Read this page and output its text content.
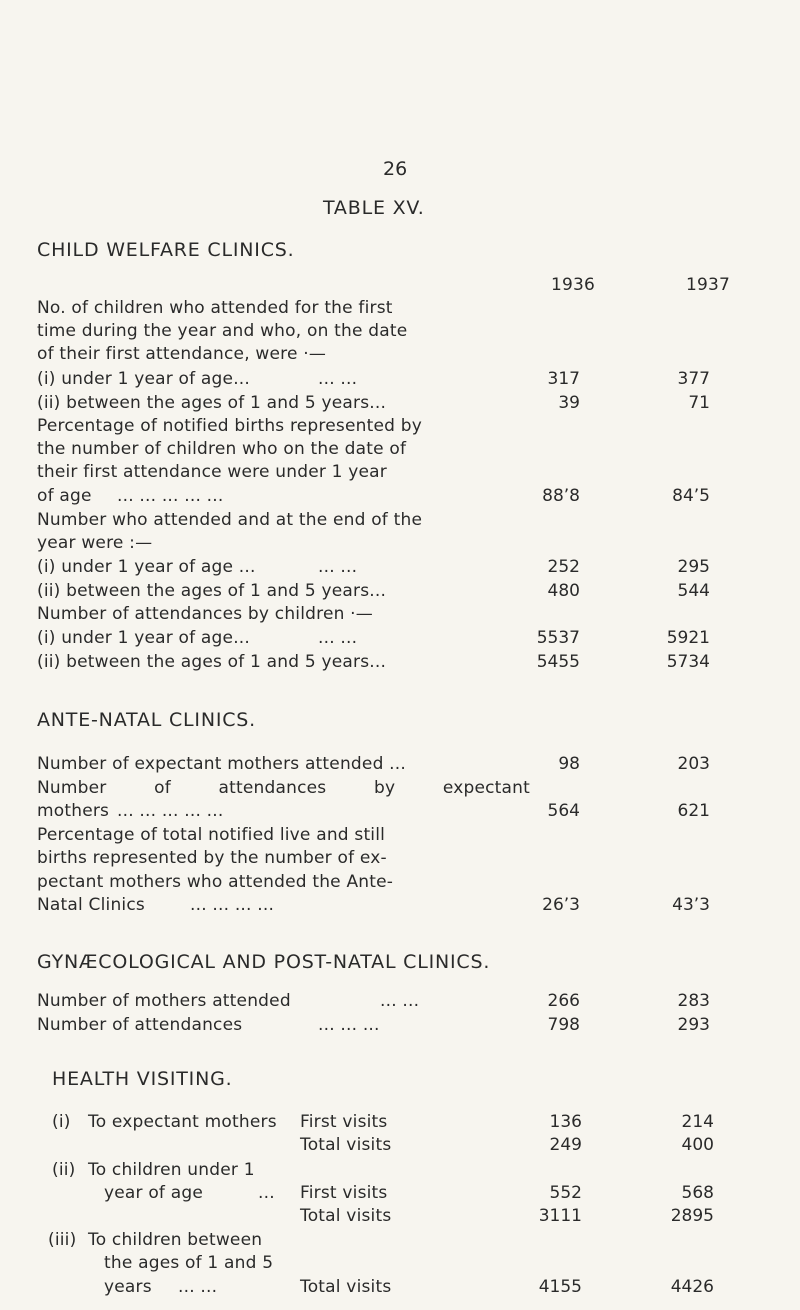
26
TABLE XV.
CHILD WELFARE CLINICS.
1936	1937
No. of children who attended for the first
time during the year and who, on the date
of their first attendance, were ·—
(i) under 1 year of age...	... ...	317	377
(ii) between the ages of 1 and 5 years...	39	71
Percentage of notified births represented by
the number of children who on the date of
their first attendance were under 1 year
of age ... ... ... ... ...	88’8	84’5
Number who attended and at the end of the
year were :—
(i) under 1 year of age ...	... ...	252	295
(ii) between the ages of 1 and 5 years...	480	544
Number of attendances by children ·—
(i) under 1 year of age...	... ...	5537	5921
(ii) between the ages of 1 and 5 years...	5455	5734
ANTE-NATAL CLINICS.
Number of expectant mothers attended ...	98	203
Number	of	attendances	by	expectant
mothers ... ... ... ... ...	564	621
Percentage of total notified live and still
births represented by the number of ex-
pectant mothers who attended the Ante-
Natal Clinics	... ... ... ...	26’3	43’3
GYNÆCOLOGICAL AND POST-NATAL CLINICS.
Number of mothers attended	... ...	266	283
Number of attendances	... ... ...	798	293
HEALTH VISITING.
(i) To expectant mothers First visits	136	214
Total visits	249	400
(ii) To children under 1
year of age	... First visits	552	568
Total visits	3111	2895
(iii) To children between
the ages of 1 and 5
years ... ...	Total visits	4155	4426
